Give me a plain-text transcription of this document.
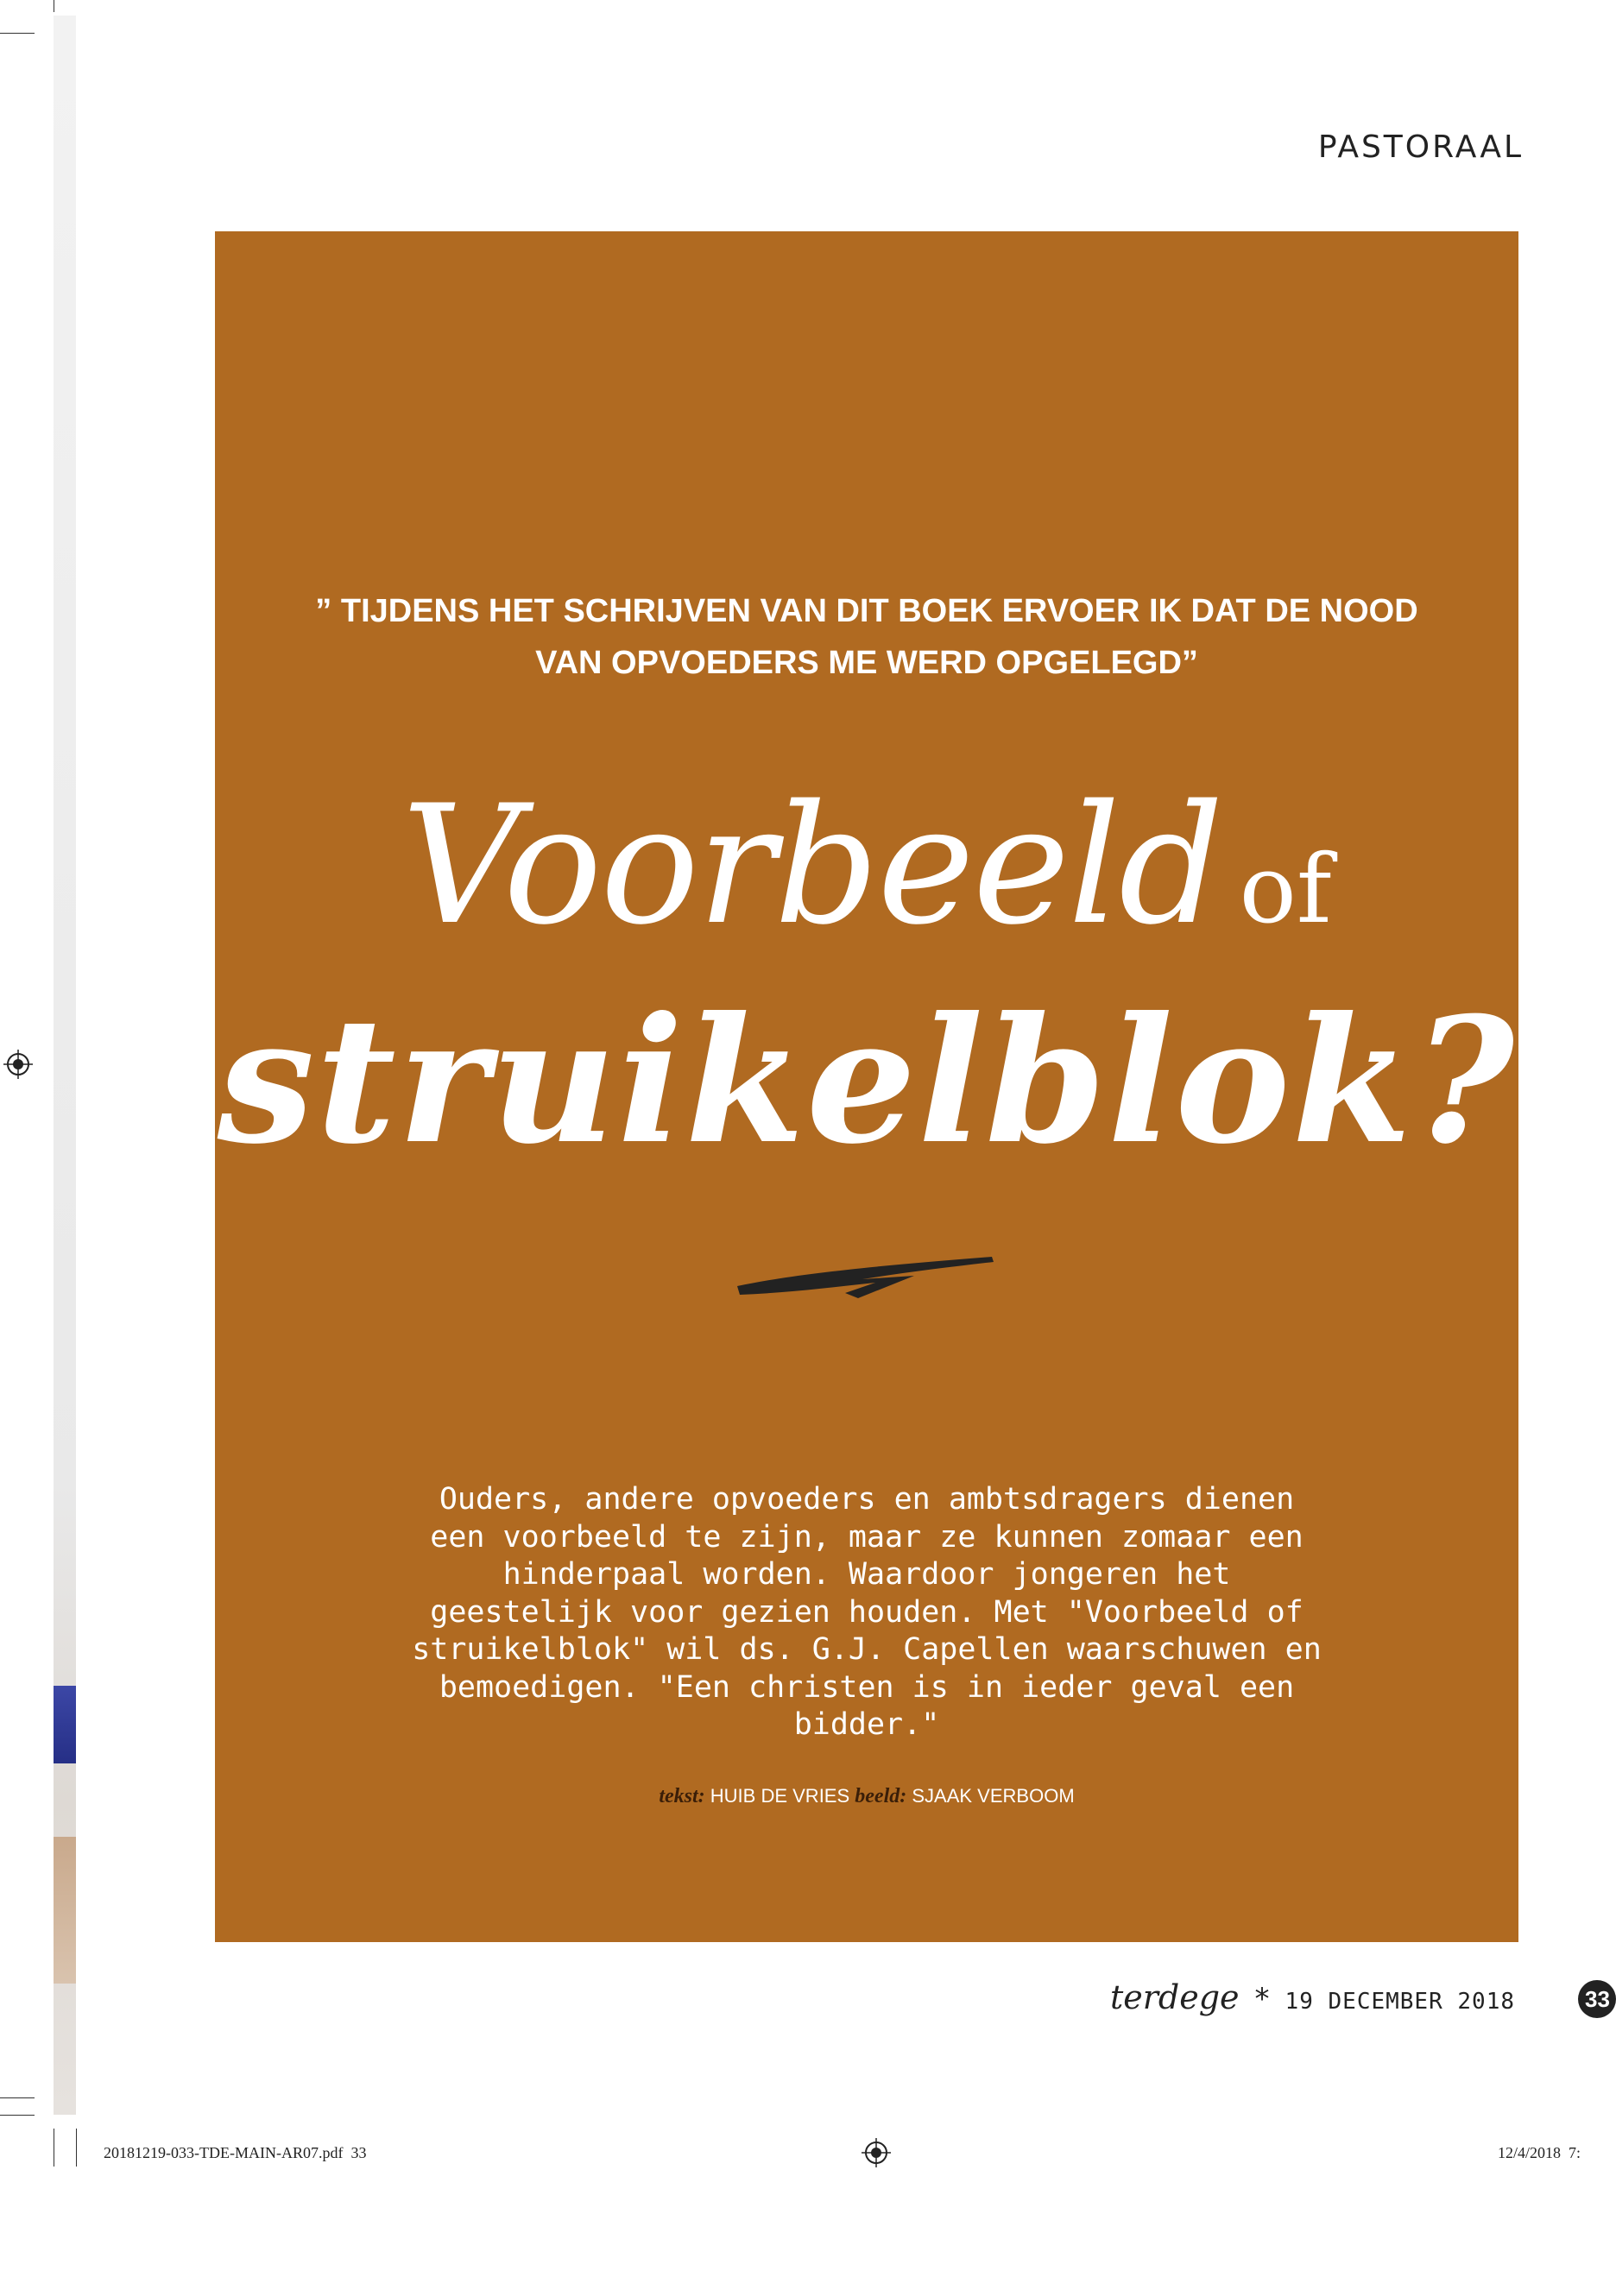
PASTORAAL
” TIJDENS HET SCHRIJVEN VAN DIT BOEK ERVOER IK DAT DE NOOD VAN OPVOEDERS ME WERD OPGELEGD”
Voorbeeld of
struikelblok?
Ouders, andere opvoeders en ambtsdragers dienen een voorbeeld te zijn, maar ze kunnen zomaar een hinderpaal worden. Waardoor jongeren het geestelijk voor gezien houden. Met "Voorbeeld of struikelblok" wil ds. G.J. Capellen waarschuwen en bemoedigen. "Een christen is in ieder geval een bidder."
tekst: HUIB DE VRIES beeld: SJAAK VERBOOM
terdege * 19 DECEMBER 2018	33
20181219-033-TDE-MAIN-AR07.pdf 33	12/4/2018 7:
